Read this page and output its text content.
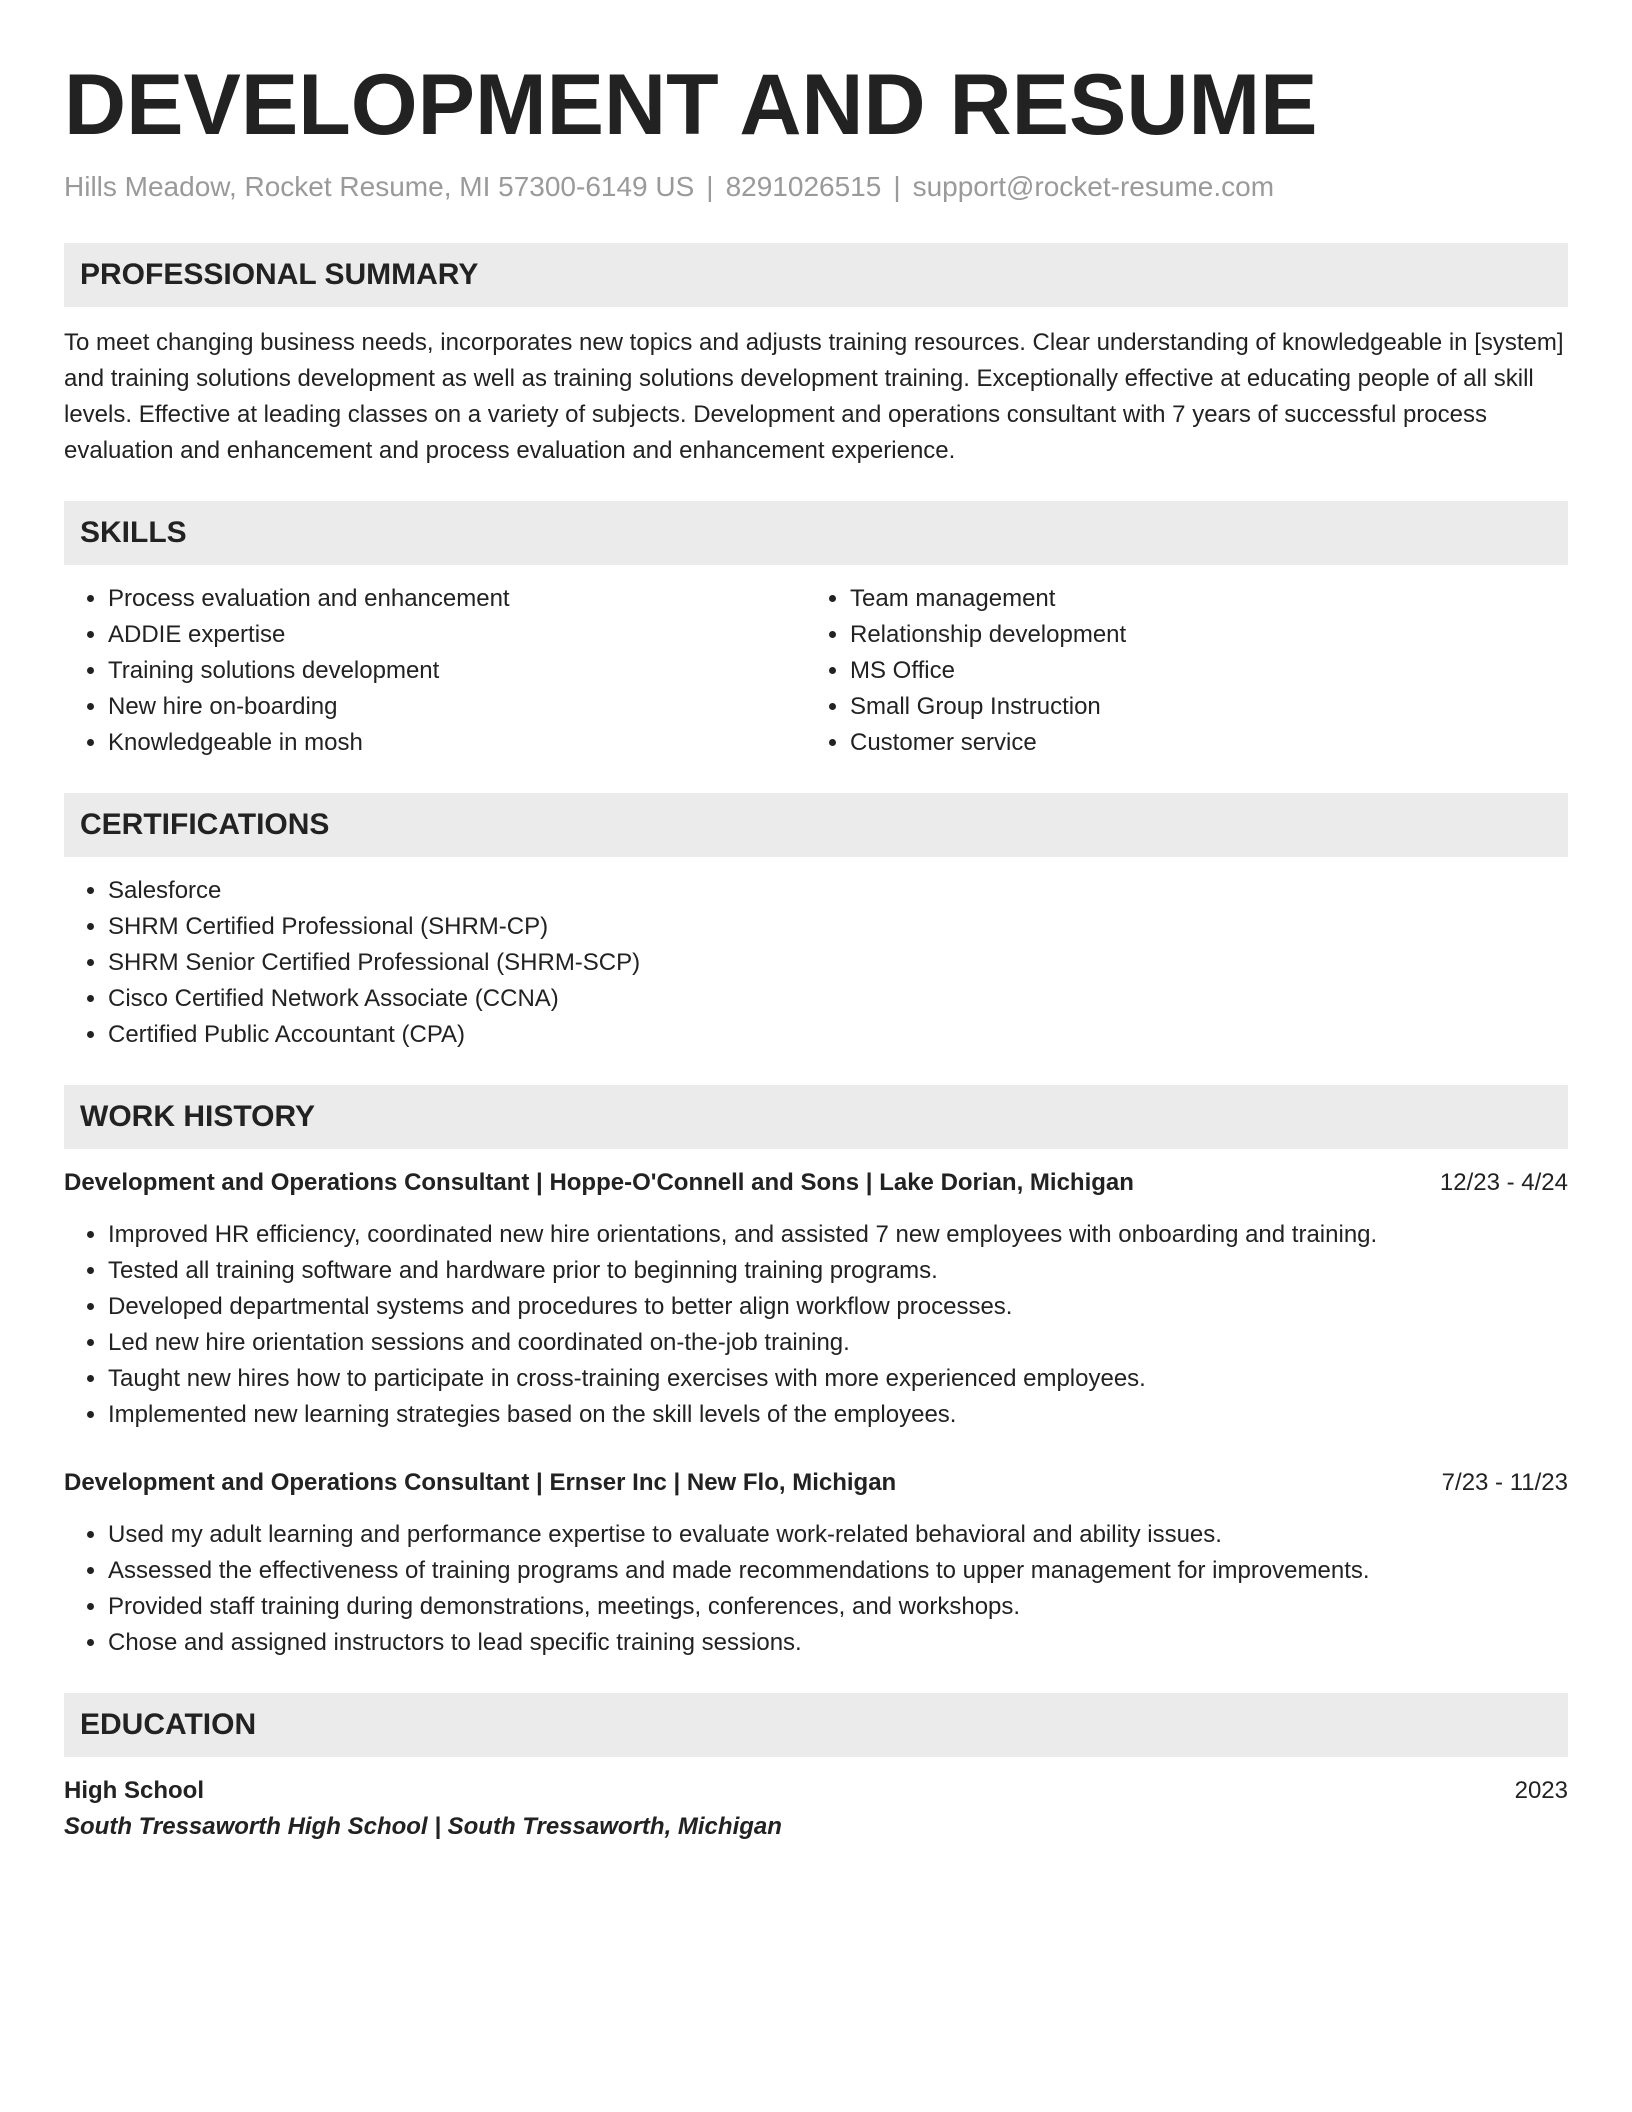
DEVELOPMENT AND RESUME
Hills Meadow, Rocket Resume, MI 57300-6149 US | 8291026515 | support@rocket-resume.com
PROFESSIONAL SUMMARY

To meet changing business needs, incorporates new topics and adjusts training resources. Clear understanding of knowledgeable in [system] and training solutions development as well as training solutions development training. Exceptionally effective at educating people of all skill levels. Effective at leading classes on a variety of subjects. Development and operations consultant with 7 years of successful process evaluation and enhancement and process evaluation and enhancement experience.

SKILLS
• Process evaluation and enhancement
• ADDIE expertise
• Training solutions development
• New hire on-boarding
• Knowledgeable in mosh
• Team management
• Relationship development
• MS Office
• Small Group Instruction
• Customer service
CERTIFICATIONS
• Salesforce
• SHRM Certified Professional (SHRM-CP)
• SHRM Senior Certified Professional (SHRM-SCP)
• Cisco Certified Network Associate (CCNA)
• Certified Public Accountant (CPA)
WORK HISTORY
Development and Operations Consultant | Hoppe-O'Connell and Sons | Lake Dorian, Michigan	12/23 - 4/24
• Improved HR efficiency, coordinated new hire orientations, and assisted 7 new employees with onboarding and training.
• Tested all training software and hardware prior to beginning training programs.
• Developed departmental systems and procedures to better align workflow processes.
• Led new hire orientation sessions and coordinated on-the-job training.
• Taught new hires how to participate in cross-training exercises with more experienced employees.
• Implemented new learning strategies based on the skill levels of the employees.
Development and Operations Consultant | Ernser Inc | New Flo, Michigan	7/23 - 11/23
• Used my adult learning and performance expertise to evaluate work-related behavioral and ability issues.
• Assessed the effectiveness of training programs and made recommendations to upper management for improvements.
• Provided staff training during demonstrations, meetings, conferences, and workshops.
• Chose and assigned instructors to lead specific training sessions.
EDUCATION
High School	2023
South Tressaworth High School | South Tressaworth, Michigan
